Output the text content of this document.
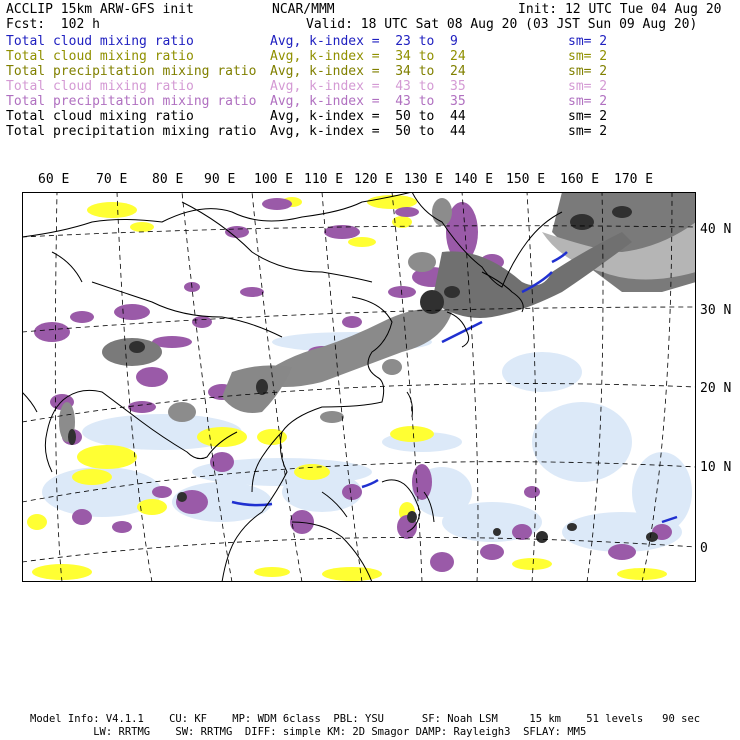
ACCLIP 15km ARW-GFS init	NCAR/MMM	Init: 12 UTC Tue 04 Aug 20
Fcst:  102 h	Valid: 18 UTC Sat 08 Aug 20 (03 JST Sun 09 Aug 20)
Total cloud mixing ratio	Avg, k-index =  23 to  9	sm= 2
Total cloud mixing ratio	Avg, k-index =  34 to  24	sm= 2
Total precipitation mixing ratio Avg, k-index =  34 to  24	sm= 2
Total cloud mixing ratio	Avg, k-index =  43 to  35	sm= 2
Total precipitation mixing ratio Avg, k-index =  43 to  35	sm= 2
Total cloud mixing ratio	Avg, k-index =  50 to  44	sm= 2
Total precipitation mixing ratio Avg, k-index =  50 to  44	sm= 2
60 E 70 E 80 E 90 E 100 E 110 E 120 E 130 E 140 E 150 E 160 E 170 E
40 N
30 N
20 N
10 N
0
Model Info: V4.1.1    CU: KF    MP: WDM 6class  PBL: YSU      SF: Noah LSM     15 km    51 levels   90 sec
LW: RRTMG    SW: RRTMG  DIFF: simple KM: 2D Smagor DAMP: Rayleigh3  SFLAY: MM5
